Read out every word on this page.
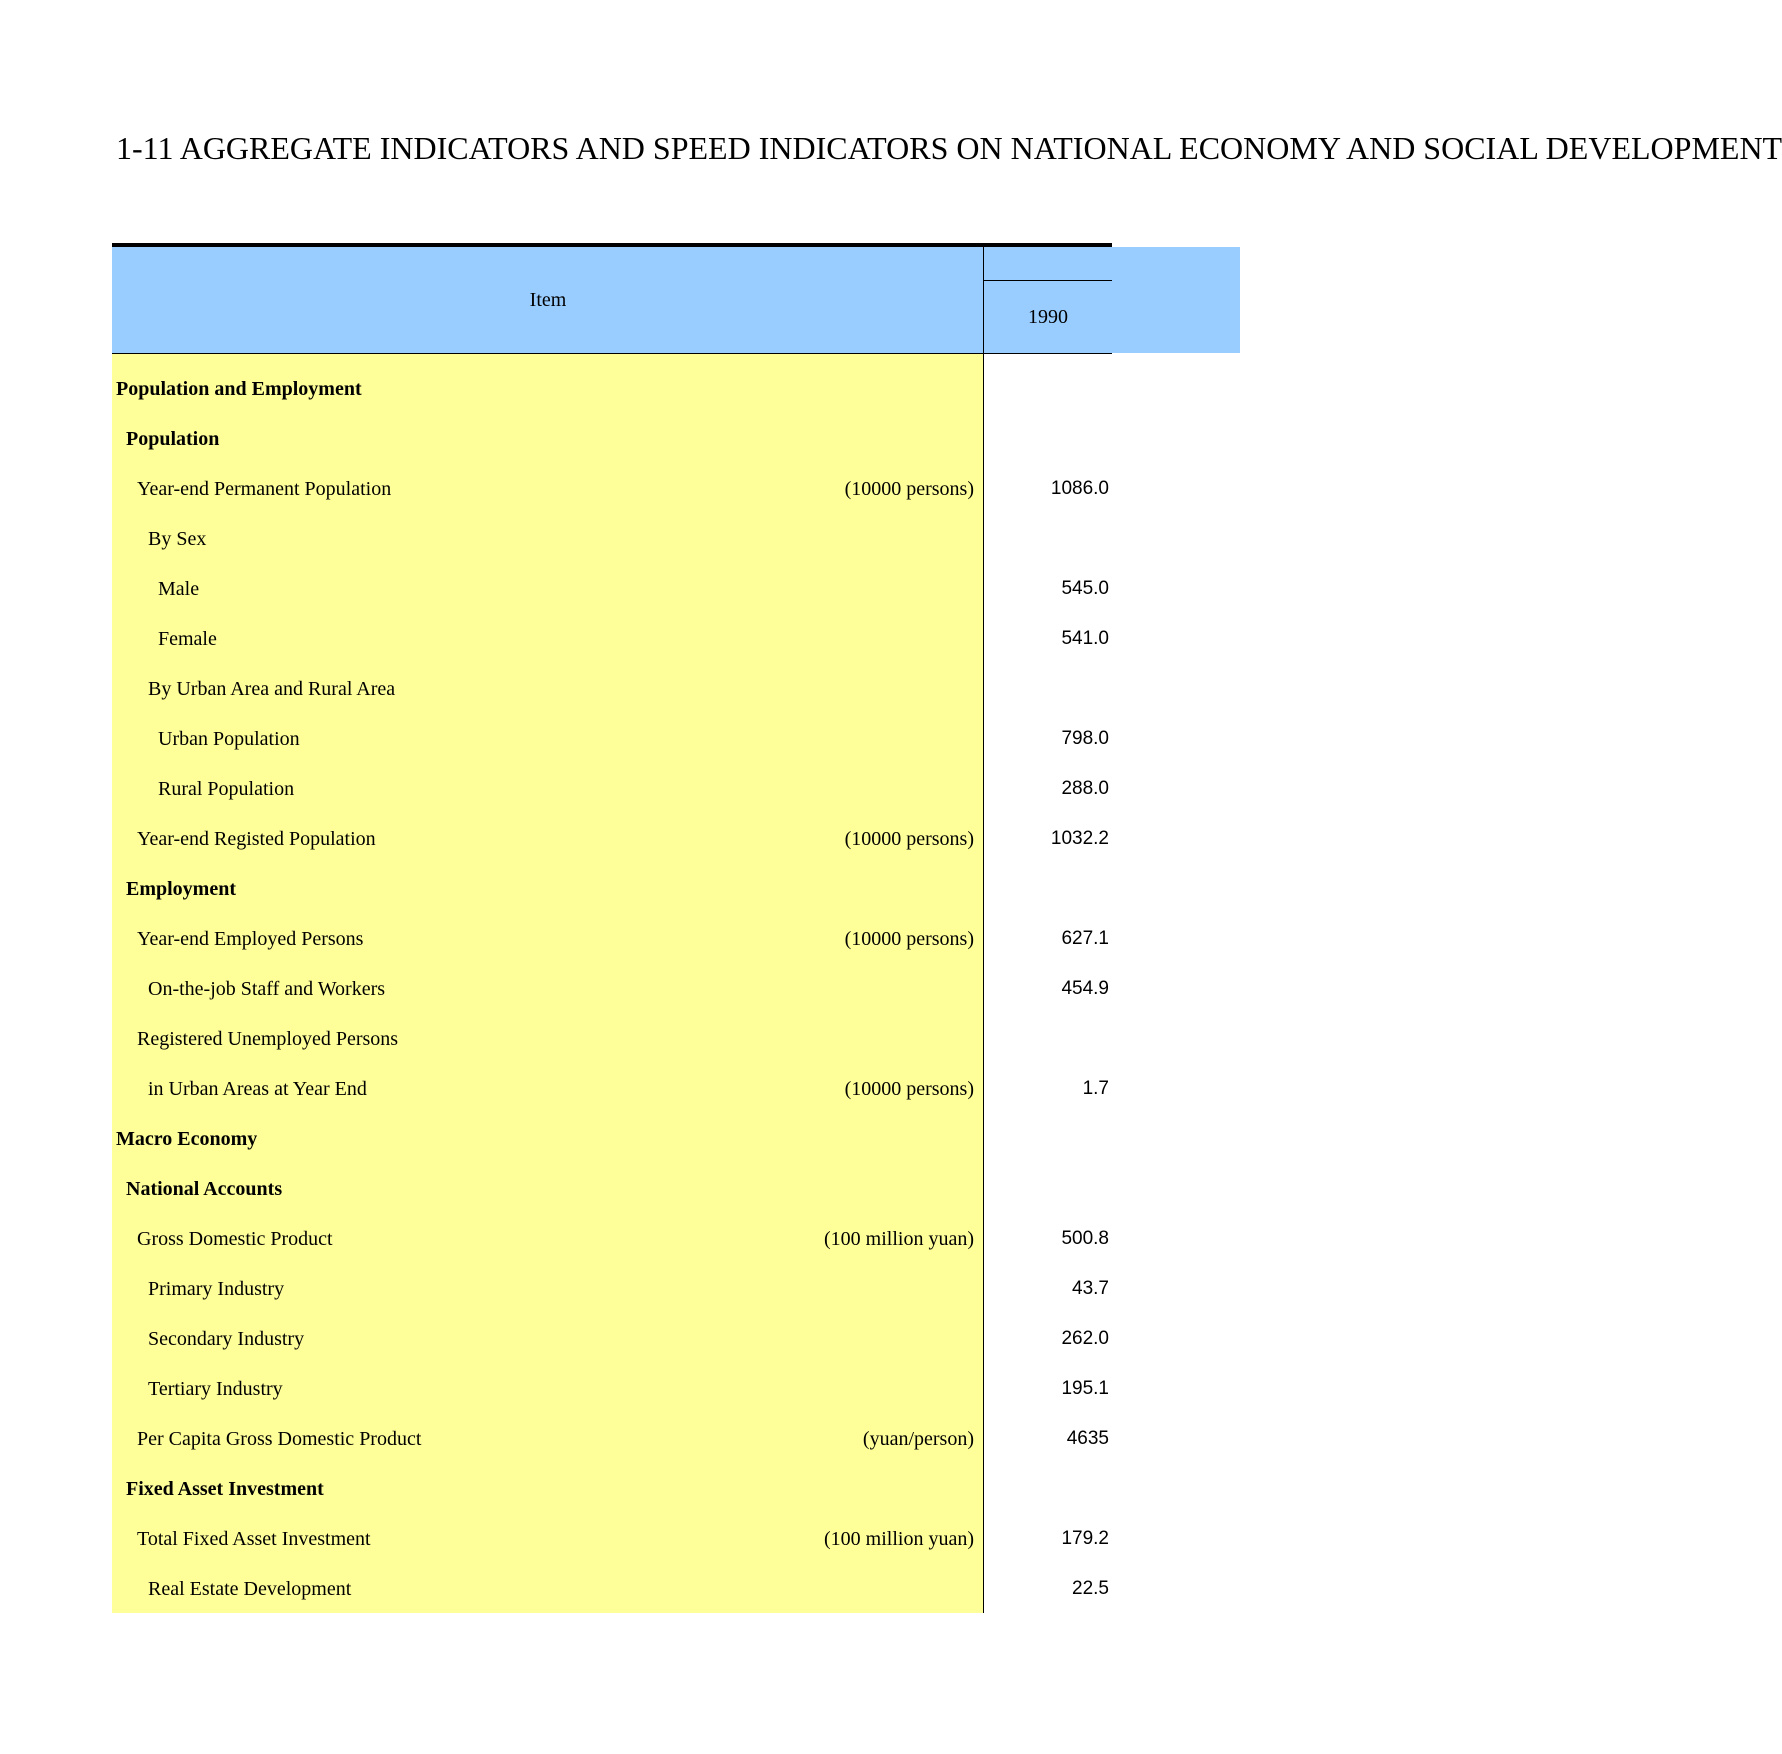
1-11 AGGREGATE INDICATORS AND SPEED INDICATORS ON NATIONAL ECONOMY AND SOCIAL DEVELOPMENT
Item
1990
Population and Employment
Population
Year-end Permanent Population	(10000 persons)	1086.0
By Sex
Male	545.0
Female	541.0
By Urban Area and Rural Area
Urban Population	798.0
Rural Population	288.0
Year-end Registed Population	(10000 persons)	1032.2
Employment
Year-end Employed Persons	(10000 persons)	627.1
On-the-job Staff and Workers	454.9
Registered Unemployed Persons
in Urban Areas at Year End	(10000 persons)	1.7
Macro Economy
National Accounts
Gross Domestic Product	(100 million yuan)	500.8
Primary Industry	43.7
Secondary Industry	262.0
Tertiary Industry	195.1
Per Capita Gross Domestic Product	(yuan/person)	4635
Fixed Asset Investment
Total Fixed Asset Investment	(100 million yuan)	179.2
Real Estate Development	22.5
